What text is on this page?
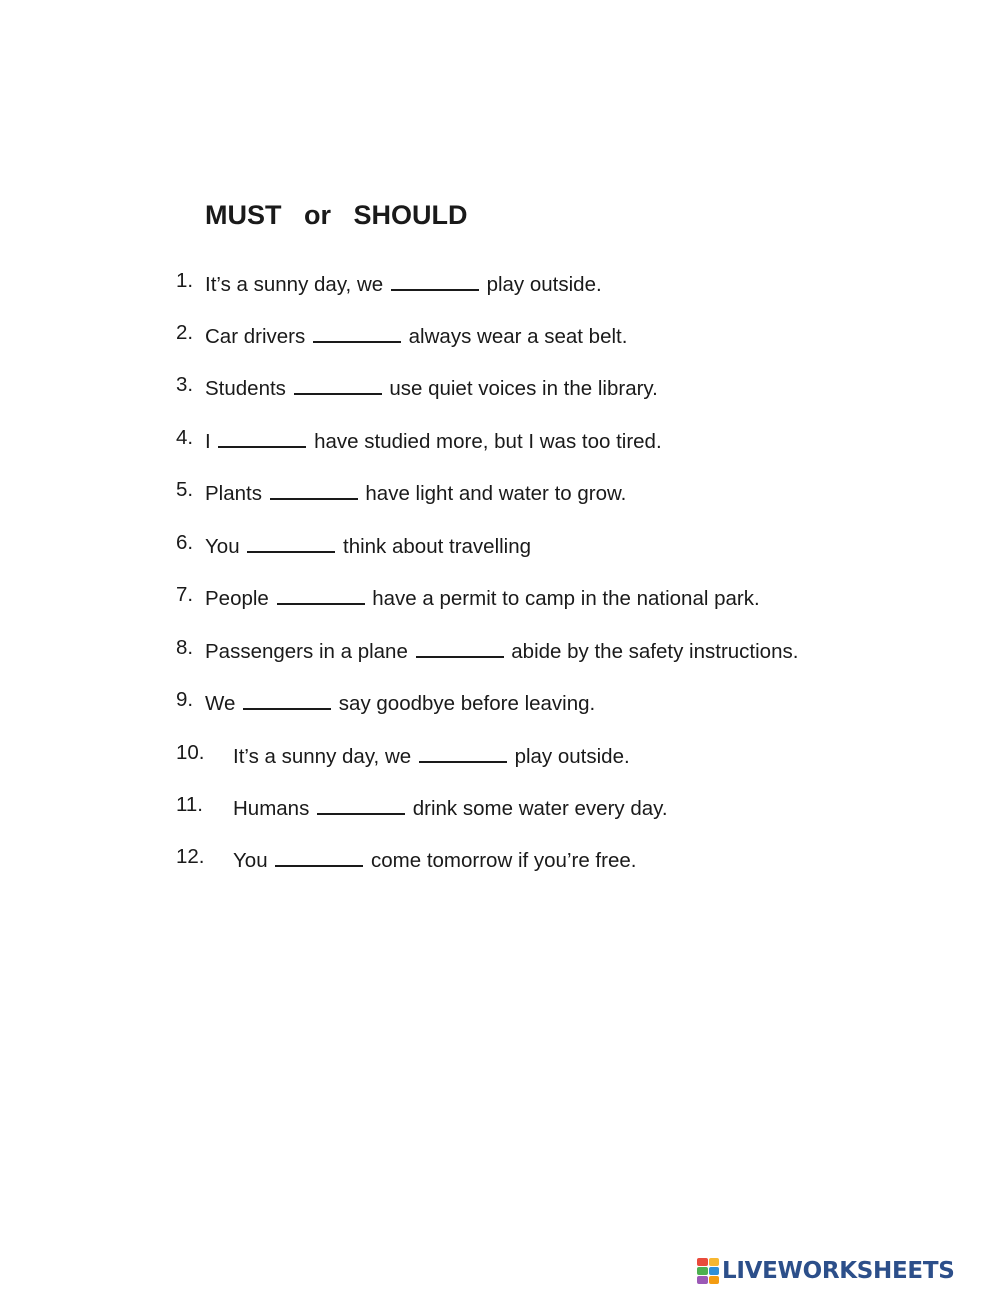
MUST   or   SHOULD
1. It’s a sunny day, we	play outside.
2. Car drivers	always wear a seat belt.
3. Students	use quiet voices in the library.
4. I	have studied more, but I was too tired.
5. Plants	have light and water to grow.
6. You	think about travelling
7. People	have a permit to camp in the national park.
8. Passengers in a plane	abide by the safety instructions.
9. We	say goodbye before leaving.
10. It’s a sunny day, we	play outside.
11. Humans	drink some water every day.
12. You	come tomorrow if you’re free.
LIVEWORKSHEETS
